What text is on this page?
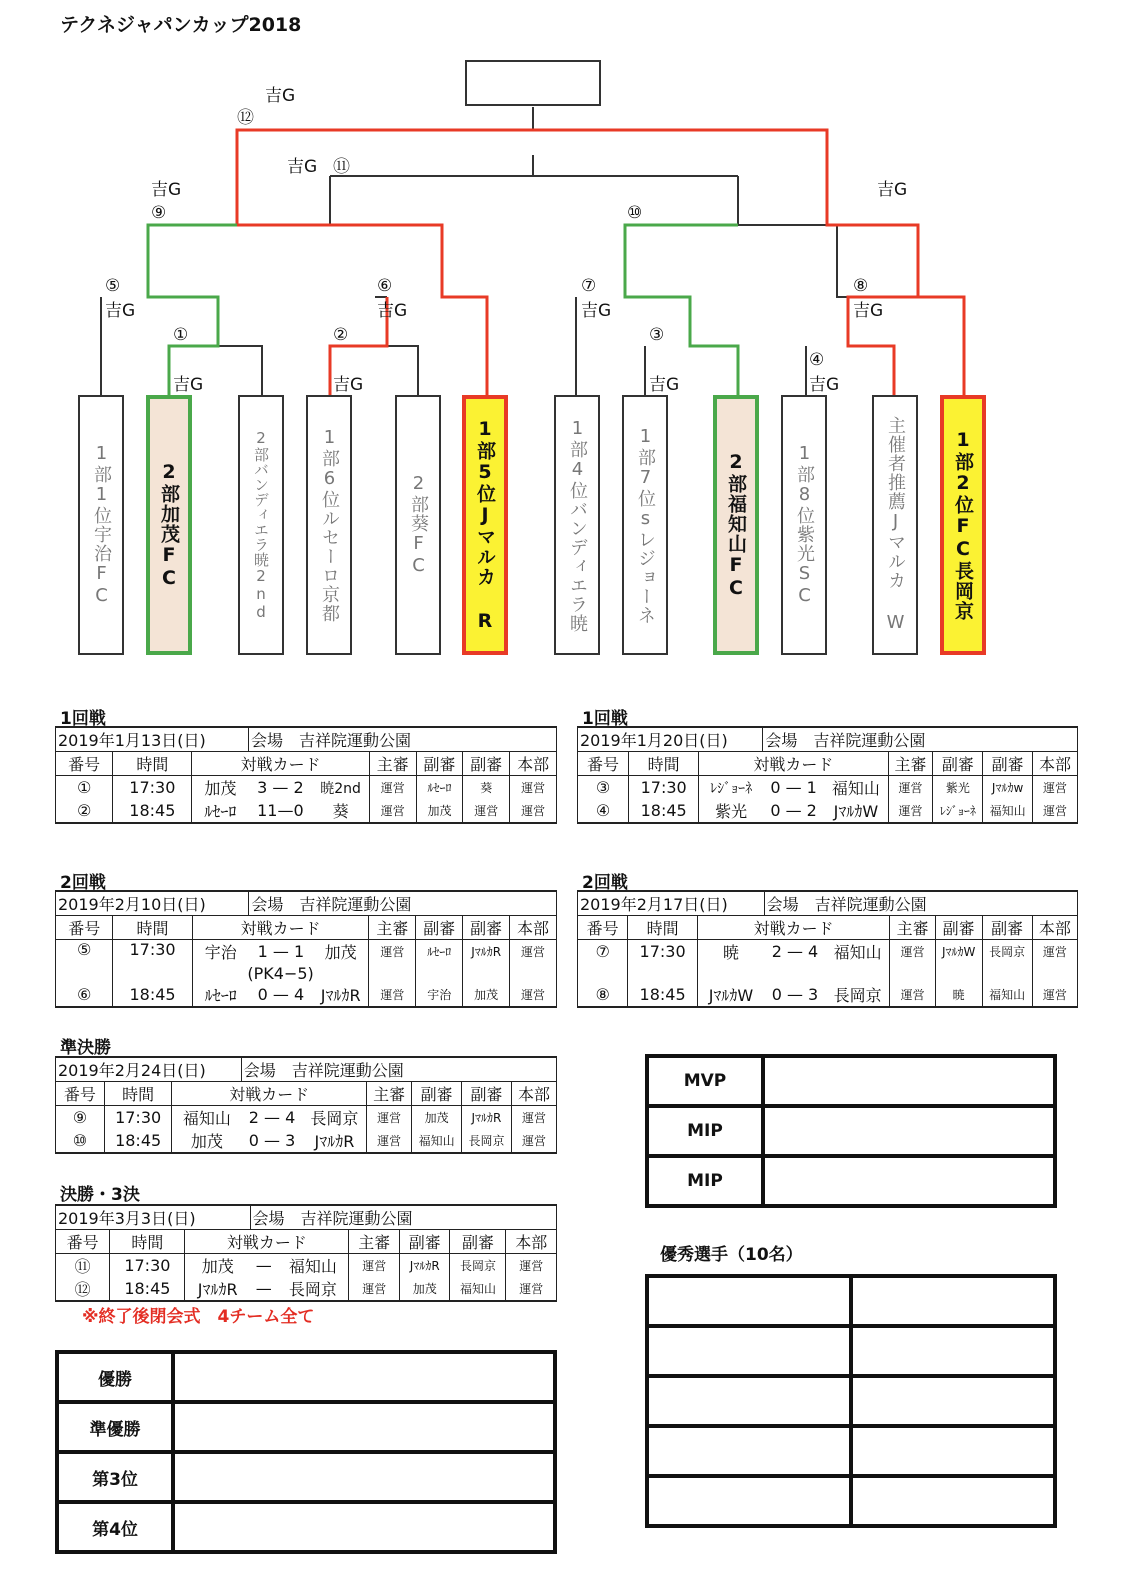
テクネジャパンカップ2018
吉G
⑫
吉G ⑪
吉G
⑨
吉G
⑩
⑤
吉G
⑥
吉G
⑦
吉G
⑧
吉G
①
吉G
②
吉G
③
吉G
④
吉G
1部1位宇治FC 2部加茂FC	2部バンディエラ暁2nd	1部6位ルセーロ京都	2部葵FC 1部5位Jマルカ R	1部4位バンディエラ暁	1部7位sレジョーネ	2部福知山FC	1部8位紫光SC	主催者推薦Jマルカ W 1部2位FC長岡京
1回戦
2019年1月13日(日)			会場　吉祥院運動公園					
番号	時間	対戦カード			主審	副審	副審	本部
①	17:30	加茂	3 — 2	暁2nd	運営	ﾙｾｰﾛ	葵	運営
②	18:45	ﾙｾｰﾛ	11—0	葵	運営	加茂	運営	運営
1回戦
2019年1月20日(日)			会場　吉祥院運動公園					
番号	時間	対戦カード			主審	副審	副審	本部
③	17:30	ﾚｼﾞｮｰﾈ	0 — 1	福知山	運営	紫光	Jﾏﾙｶw	運営
④	18:45	紫光	0 — 2	JﾏﾙｶW	運営	ﾚｼﾞｮｰﾈ	福知山	運営
2回戦
2019年2月10日(日)			会場　吉祥院運動公園					
番号	時間	対戦カード			主審	副審	副審	本部
⑤	17:30	宇治	1 — 1	加茂	運営	ﾙｾｰﾛ	JﾏﾙｶR	運営
		(PK4−5)						
⑥	18:45	ﾙｾｰﾛ	0 — 4	JﾏﾙｶR	運営	宇治	加茂	運営
2回戦
2019年2月17日(日)			会場　吉祥院運動公園					
番号	時間	対戦カード			主審	副審	副審	本部
⑦	17:30	暁	2 — 4	福知山	運営	JﾏﾙｶW	長岡京	運営

⑧	18:45	JﾏﾙｶW	0 — 3	長岡京	運営	暁	福知山	運営
準決勝
2019年2月24日(日)			会場　吉祥院運動公園					
番号	時間	対戦カード			主審	副審	副審	本部
⑨	17:30	福知山	2 — 4	長岡京	運営	加茂	JﾏﾙｶR	運営
⑩	18:45	加茂	0 — 3	JﾏﾙｶR	運営	福知山	長岡京	運営
決勝・3決
2019年3月3日(日)			会場　吉祥院運動公園					
番号	時間	対戦カード			主審	副審	副審	本部
⑪	17:30	加茂	—	福知山	運営	JﾏﾙｶR	長岡京	運営
⑫	18:45	JﾏﾙｶR	—	長岡京	運営	加茂	福知山	運営
※終了後閉会式　4チーム全て
優勝	
準優勝	
第3位	
第4位	
MVP	
MIP	
MIP	
優秀選手（10名）
